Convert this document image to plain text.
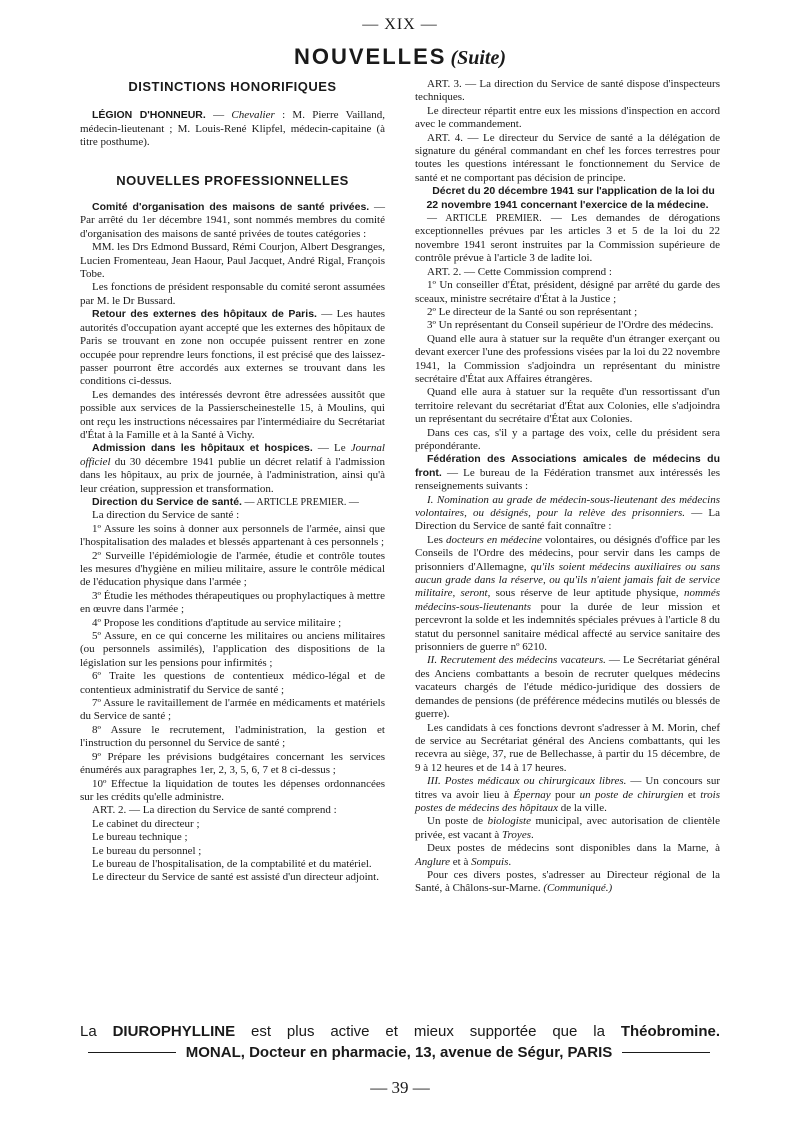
— XIX —
NOUVELLES (Suite)
DISTINCTIONS HONORIFIQUES

LÉGION D'HONNEUR. — Chevalier : M. Pierre Vailland, médecin-lieutenant ; M. Louis-René Klipfel, médecin-capitaine (à titre posthume).

NOUVELLES PROFESSIONNELLES

Comité d'organisation des maisons de santé privées. — Par arrêté du 1er décembre 1941, sont nommés membres du comité d'organisation des maisons de santé privées de toutes catégories :

MM. les Drs Edmond Bussard, Rémi Courjon, Albert Desgranges, Lucien Fromenteau, Jean Haour, Paul Jacquet, André Rigal, François Tobe.

Les fonctions de président responsable du comité seront assumées par M. le Dr Bussard.

Retour des externes des hôpitaux de Paris. — Les hautes autorités d'occupation ayant accepté que les externes des hôpitaux de Paris se trouvant en zone non occupée puissent rentrer en zone occupée pour reprendre leurs fonctions, il est précisé que des laissez-passer pourront être accordés aux externes se trouvant dans les conditions ci-dessus.

Les demandes des intéressés devront être adressées aussitôt que possible aux services de la Passierscheinestelle 15, à Moulins, qui ont reçu les instructions nécessaires par l'intermédiaire du Secrétariat d'État à la Famille et à la Santé à Vichy.

Admission dans les hôpitaux et hospices. — Le Journal officiel du 30 décembre 1941 publie un décret relatif à l'admission dans les hôpitaux, au prix de journée, à l'administration, ainsi qu'à leur création, suppression et transformation.

Direction du Service de santé. — ARTICLE PREMIER. —

La direction du Service de santé :

1º Assure les soins à donner aux personnels de l'armée, ainsi que l'hospitalisation des malades et blessés appartenant à ces personnels ;

2º Surveille l'épidémiologie de l'armée, étudie et contrôle toutes les mesures d'hygiène en milieu militaire, assure le contrôle médical de l'éducation physique dans l'armée ;

3º Étudie les méthodes thérapeutiques ou prophylactiques à mettre en œuvre dans l'armée ;

4º Propose les conditions d'aptitude au service militaire ;

5º Assure, en ce qui concerne les militaires ou anciens militaires (ou personnels assimilés), l'application des dispositions de la législation sur les pensions pour infirmités ;

6º Traite les questions de contentieux médico-légal et de contentieux administratif du Service de santé ;

7º Assure le ravitaillement de l'armée en médicaments et matériels du Service de santé ;

8º Assure le recrutement, l'administration, la gestion et l'instruction du personnel du Service de santé ;

9º Prépare les prévisions budgétaires concernant les services énumérés aux paragraphes 1er, 2, 3, 5, 6, 7 et 8 ci-dessus ;

10º Effectue la liquidation de toutes les dépenses ordonnancées sur les crédits qu'elle administre.

ART. 2. — La direction du Service de santé comprend :

Le cabinet du directeur ;

Le bureau technique ;

Le bureau du personnel ;

Le bureau de l'hospitalisation, de la comptabilité et du matériel.

Le directeur du Service de santé est assisté d'un directeur adjoint.

ART. 3. — La direction du Service de santé dispose d'inspecteurs techniques.

Le directeur répartit entre eux les missions d'inspection en accord avec le commandement.

ART. 4. — Le directeur du Service de santé a la délégation de signature du général commandant en chef les forces terrestres pour toutes les questions intéressant le fonctionnement du Service de santé et ne comportant pas décision de principe.

Décret du 20 décembre 1941 sur l'application de la loi du 22 novembre 1941 concernant l'exercice de la médecine.

— ARTICLE PREMIER. — Les demandes de dérogations exceptionnelles prévues par les articles 3 et 5 de la loi du 22 novembre 1941 seront instruites par la Commission supérieure de contrôle prévue à l'article 3 de ladite loi.

ART. 2. — Cette Commission comprend :

1º Un conseiller d'État, président, désigné par arrêté du garde des sceaux, ministre secrétaire d'État à la Justice ;

2º Le directeur de la Santé ou son représentant ;

3º Un représentant du Conseil supérieur de l'Ordre des médecins.

Quand elle aura à statuer sur la requête d'un étranger exerçant ou devant exercer l'une des professions visées par la loi du 22 novembre 1941, la Commission s'adjoindra un représentant du ministre secrétaire d'État aux Affaires étrangères.

Quand elle aura à statuer sur la requête d'un ressortissant d'un territoire relevant du secrétariat d'État aux Colonies, elle s'adjoindra un représentant du secrétaire d'État aux Colonies.

Dans ces cas, s'il y a partage des voix, celle du président sera prépondérante.

Fédération des Associations amicales de médecins du front. — Le bureau de la Fédération transmet aux intéressés les renseignements suivants :

I. Nomination au grade de médecin-sous-lieutenant des médecins volontaires, ou désignés, pour la relève des prisonniers. — La Direction du Service de santé fait connaître :

Les docteurs en médecine volontaires, ou désignés d'office par les Conseils de l'Ordre des médecins, pour servir dans les camps de prisonniers d'Allemagne, qu'ils soient médecins auxiliaires ou sans aucun grade dans la réserve, ou qu'ils n'aient jamais fait de service militaire, seront, sous réserve de leur aptitude physique, nommés médecins-sous-lieutenants pour la durée de leur mission et percevront la solde et les indemnités spéciales prévues à l'article 8 du statut du personnel sanitaire médical affecté au service sanitaire des prisonniers de guerre nº 6210.

II. Recrutement des médecins vacateurs. — Le Secrétariat général des Anciens combattants a besoin de recruter quelques médecins vacateurs chargés de l'étude médico-juridique des dossiers de demandes de pensions (de préférence médecins mutilés ou blessés de guerre).

Les candidats à ces fonctions devront s'adresser à M. Morin, chef de service au Secrétariat général des Anciens combattants, qui les recevra au siège, 37, rue de Bellechasse, à partir du 15 décembre, de 9 à 12 heures et de 14 à 17 heures.

III. Postes médicaux ou chirurgicaux libres. — Un concours sur titres va avoir lieu à Épernay pour un poste de chirurgien et trois postes de médecins des hôpitaux de la ville.

Un poste de biologiste municipal, avec autorisation de clientèle privée, est vacant à Troyes.

Deux postes de médecins sont disponibles dans la Marne, à Anglure et à Sompuis.

Pour ces divers postes, s'adresser au Directeur régional de la Santé, à Châlons-sur-Marne. (Communiqué.)

La DIUROPHYLLINE est plus active et mieux supportée que la Théobromine.
MONAL, Docteur en pharmacie, 13, avenue de Ségur, PARIS
— 39 —
